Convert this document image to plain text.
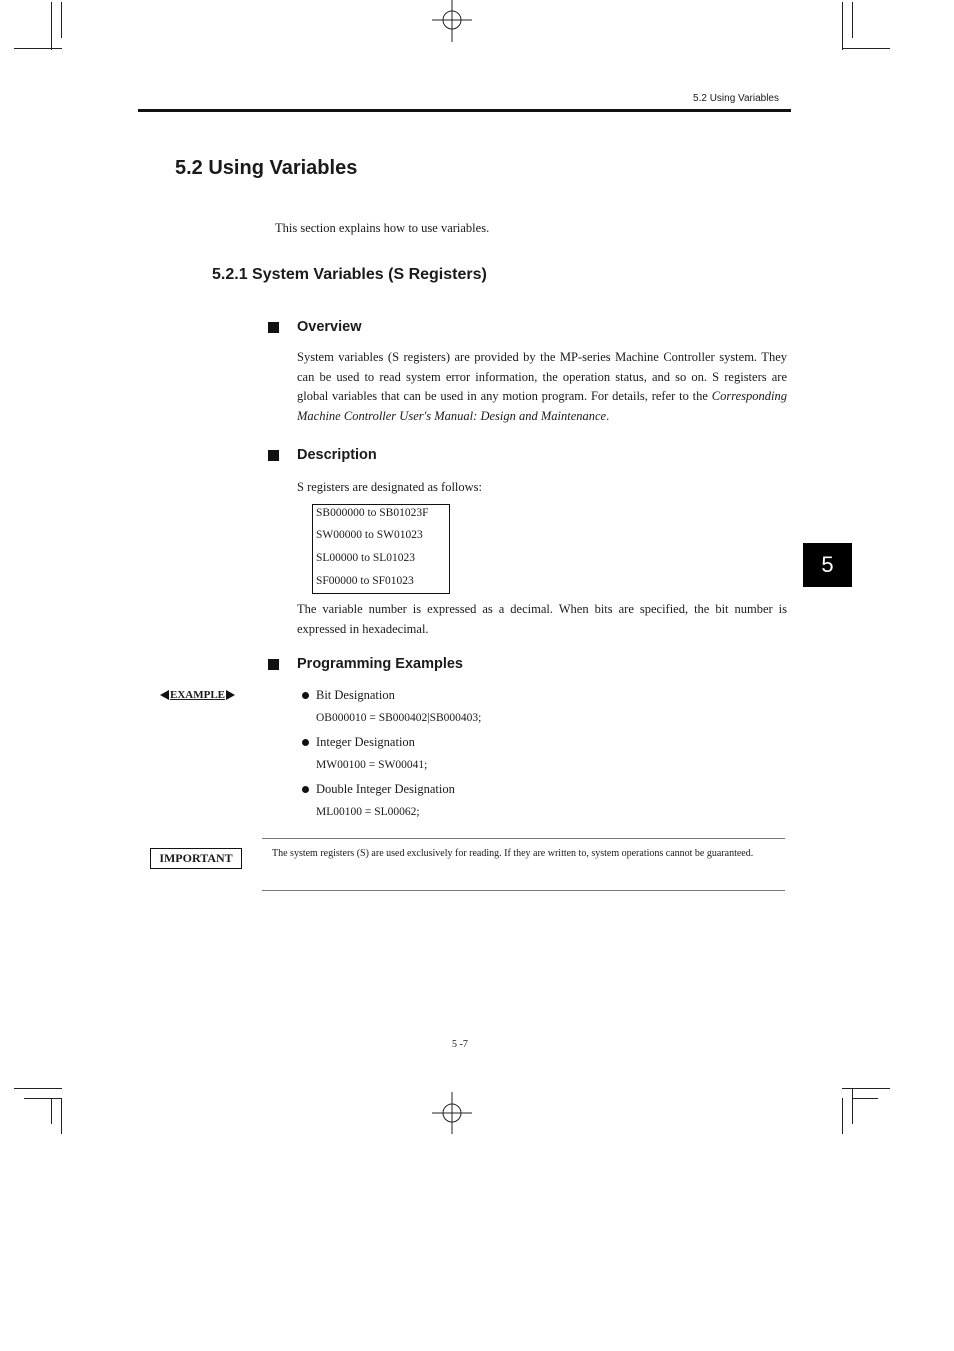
5.2 Using Variables
5.2 Using Variables

This section explains how to use variables.

5.2.1 System Variables (S Registers)
Overview

System variables (S registers) are provided by the MP-series Machine Controller system. They can be used to read system error information, the operation status, and so on. S registers are global variables that can be used in any motion program. For details, refer to the Corresponding Machine Controller User's Manual: Design and Maintenance.

Description

S registers are designated as follows:

SB000000 to SB01023F
SW00000 to SW01023
SL00000 to SL01023
SF00000 to SF01023

The variable number is expressed as a decimal. When bits are specified, the bit number is expressed in hexadecimal.

5
Programming Examples
EXAMPLE	Bit Designation
OB000010 = SB000402|SB000403;
Integer Designation
MW00100 = SW00041;
Double Integer Designation
ML00100 = SL00062;
IMPORTANT	The system registers (S) are used exclusively for reading. If they are written to, system operations cannot be guaranteed.

5 -7
